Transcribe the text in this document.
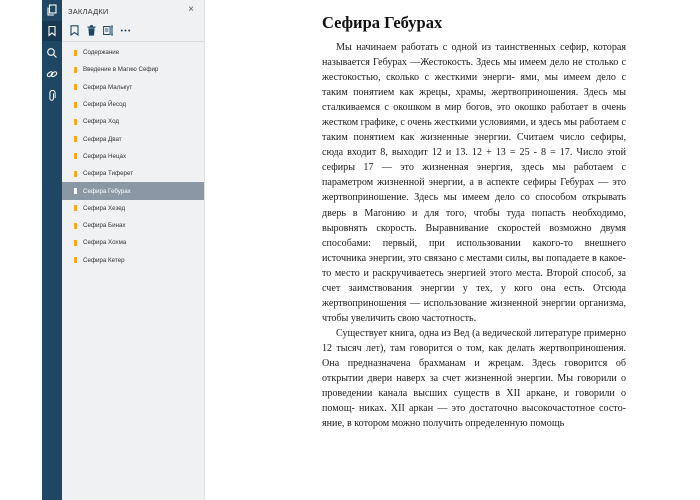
ЗАКЛАДКИ	×
Содержание
Введение в Магию Сефир
Сефира Малькут
Сефира Йесод
Сефира Ход
Сефира Дват
Сефира Нецах
Сефира Тиферет
Сефира Гебурах
Сефира Хезед
Сефира Бинах
Сефира Хохма
Сефира Кетер
Сефира Гебурах

Мы начинаем работать с одной из таинственных сефир, которая называется Гебурах —Жестокость. Здесь мы имеем дело не столько с жестокостью, сколько с жесткими энерги- ями, мы имеем дело с таким понятием как жрецы, храмы, жертвоприношения. Здесь мы сталкиваемся с окошком в мир богов, это окошко работает в очень жестком графике, с очень жесткими условиями, и здесь мы работаем с таким понятием как жизненные энергии. Считаем число сефиры, сюда входит 8, выходит 12 и 13. 12 + 13 = 25 - 8 = 17. Число этой сефиры 17 — это жизненная энергия, здесь мы работаем с параметром жизненной энергии, а в аспекте сефиры Гебурах — это жертвоприношение. Здесь мы имеем дело со способом открывать дверь в Магонию и для того, чтобы туда попасть необходимо, выровнять скорость. Выравнивание скоростей возможно двумя способами: первый, при использовании какого-то внешнего источника энергии, это связано с местами силы, вы попадаете в какое-то место и раскручиваетесь энергией этого места. Второй способ, за счет заимствования энергии у тех, у кого она есть. Отсюда жертвоприношения — использование жизненной энергии организма, чтобы увеличить свою частотность.

Существует книга, одна из Вед (а ведической литературе примерно 12 тысяч лет), там говорится о том, как делать жертвоприношения. Она предназначена брахманам и жрецам. Здесь говорится об открытии двери наверх за счет жизненной энергии. Мы говорили о проведении канала высших существ в XII аркане, и говорили о помощ- никах. XII аркан — это достаточно высокочастотное состо- яние, в котором можно получить определенную помощь
